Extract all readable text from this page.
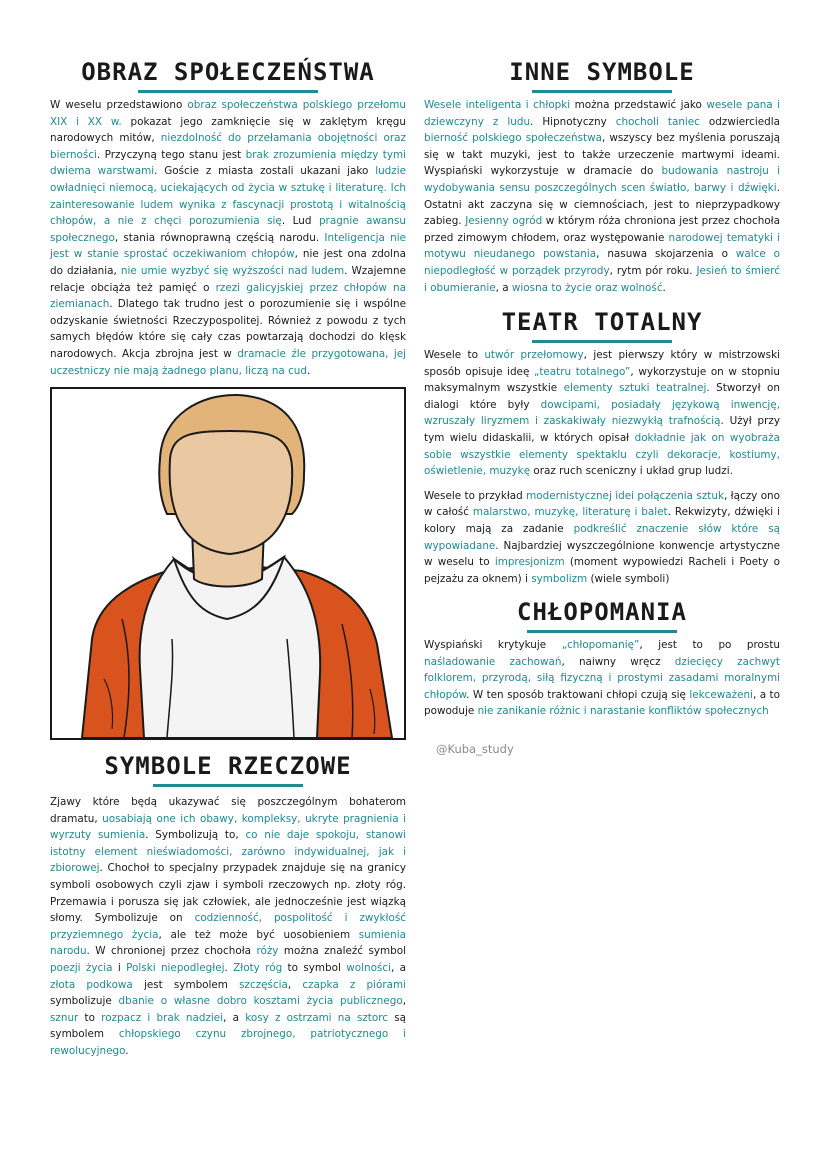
OBRAZ SPOŁECZEŃSTWA
W weselu przedstawiono obraz społeczeństwa polskiego przełomu XIX i XX w. pokazat jego zamknięcie się w zaklętym kręgu narodowych mitów, niezdolność do przełamania obojętności oraz bierności. Przyczyną tego stanu jest brak zrozumienia między tymi dwiema warstwami. Goście z miasta zostali ukazani jako ludzie owładnięci niemocą, uciekających od życia w sztukę i literaturę. Ich zainteresowanie ludem wynika z fascynacji prostotą i witalnością chłopów, a nie z chęci porozumienia się. Lud pragnie awansu społecznego, stania równoprawną częścią narodu. Inteligencja nie jest w stanie sprostać oczekiwaniom chłopów, nie jest ona zdolna do działania, nie umie wyzbyć się wyższości nad ludem. Wzajemne relacje obciąża też pamięć o rzezi galicyjskiej przez chłopów na ziemianach. Dlatego tak trudno jest o porozumienie się i wspólne odzyskanie świetności Rzeczypospolitej. Również z powodu z tych samych błędów które się cały czas powtarzają dochodzi do klęsk narodowych. Akcja zbrojna jest w dramacie źle przygotowana, jej uczestniczy nie mają żadnego planu, liczą na cud.
SYMBOLE RZECZOWE
Zjawy które będą ukazywać się poszczególnym bohaterom dramatu, uosabiają one ich obawy, kompleksy, ukryte pragnienia i wyrzuty sumienia. Symbolizują to, co nie daje spokoju, stanowi istotny element nieświadomości, zarówno indywidualnej, jak i zbiorowej. Chochoł to specjalny przypadek znajduje się na granicy symboli osobowych czyli zjaw i symboli rzeczowych np. złoty róg. Przemawia i porusza się jak człowiek, ale jednocześnie jest wiązką słomy. Symbolizuje on codzienność, pospolitość i zwykłość przyziemnego życia, ale też może być uosobieniem sumienia narodu. W chronionej przez chochoła róży można znaleźć symbol poezji życia i Polski niepodległej. Złoty róg to symbol wolności, a złota podkowa jest symbolem szczęścia, czapka z piórami symbolizuje dbanie o własne dobro kosztami życia publicznego, sznur to rozpacz i brak nadziei, a kosy z ostrzami na sztorc są symbolem chłopskiego czynu zbrojnego, patriotycznego i rewolucyjnego.
INNE SYMBOLE
Wesele inteligenta i chłopki można przedstawić jako wesele pana i dziewczyny z ludu. Hipnotyczny chocholi taniec odzwierciedla bierność polskiego społeczeństwa, wszyscy bez myślenia poruszają się w takt muzyki, jest to także urzeczenie martwymi ideami. Wyspiański wykorzystuje w dramacie do budowania nastroju i wydobywania sensu poszczególnych scen światło, barwy i dźwięki. Ostatni akt zaczyna się w ciemnościach, jest to nieprzypadkowy zabieg. Jesienny ogród w którym róża chroniona jest przez chochoła przed zimowym chłodem, oraz występowanie narodowej tematyki i motywu nieudanego powstania, nasuwa skojarzenia o walce o niepodległość w porządek przyrody, rytm pór roku. Jesień to śmierć i obumieranie, a wiosna to życie oraz wolność.
TEATR TOTALNY

Wesele to utwór przełomowy, jest pierwszy który w mistrzowski sposób opisuje ideę „teatru totalnego”, wykorzystuje on w stopniu maksymalnym wszystkie elementy sztuki teatralnej. Stworzył on dialogi które były dowcipami, posiadały językową inwencję, wzruszały liryzmem i zaskakiwały niezwykłą trafnością. Użył przy tym wielu didaskalii, w których opisał dokładnie jak on wyobraża sobie wszystkie elementy spektaklu czyli dekoracje, kostiumy, oświetlenie, muzykę oraz ruch sceniczny i układ grup ludzi.

Wesele to przykład modernistycznej idei połączenia sztuk, łączy ono w całość malarstwo, muzykę, literaturę i balet. Rekwizyty, dźwięki i kolory mają za zadanie podkreślić znaczenie słów które są wypowiadane. Najbardziej wyszczególnione konwencje artystyczne w weselu to impresjonizm (moment wypowiedzi Racheli i Poety o pejzażu za oknem) i symbolizm (wiele symboli)

CHŁOPOMANIA
Wyspiański krytykuje „chłopomanię”, jest to po prostu naśladowanie zachowań, naiwny wręcz dziecięcy zachwyt folklorem, przyrodą, siłą fizyczną i prostymi zasadami moralnymi chłopów. W ten sposób traktowani chłopi czują się lekceważeni, a to powoduje nie zanikanie różnic i narastanie konfliktów społecznych
@Kuba_study
